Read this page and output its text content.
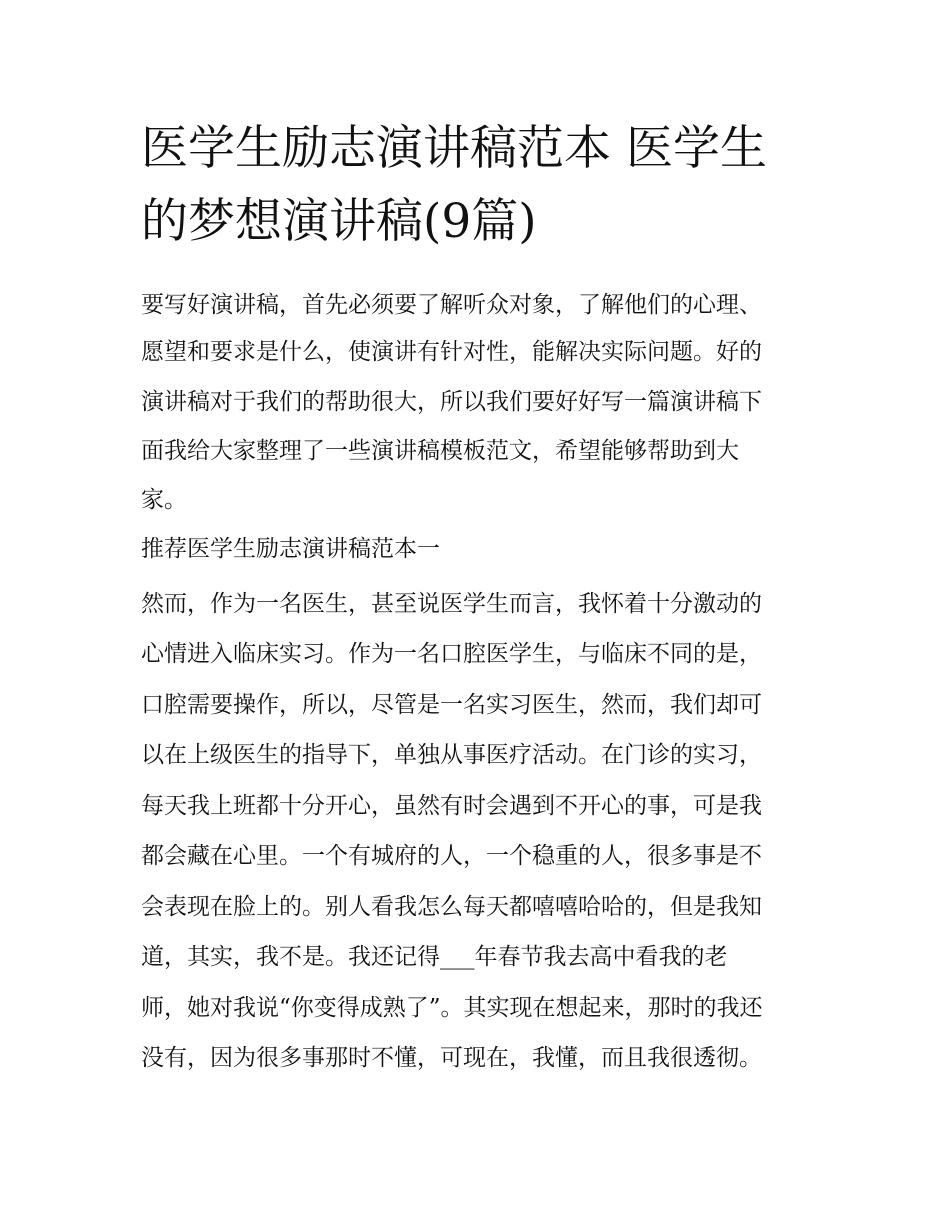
医学生励志演讲稿范本 医学生
的梦想演讲稿(9篇)
要写好演讲稿，首先必须要了解听众对象，了解他们的心理、
愿望和要求是什么，使演讲有针对性，能解决实际问题。好的
演讲稿对于我们的帮助很大，所以我们要好好写一篇演讲稿下
面我给大家整理了一些演讲稿模板范文，希望能够帮助到大
家。
推荐医学生励志演讲稿范本一
然而，作为一名医生，甚至说医学生而言，我怀着十分激动的
心情进入临床实习。作为一名口腔医学生，与临床不同的是，
口腔需要操作，所以，尽管是一名实习医生，然而，我们却可
以在上级医生的指导下，单独从事医疗活动。在门诊的实习，
每天我上班都十分开心，虽然有时会遇到不开心的事，可是我
都会藏在心里。一个有城府的人，一个稳重的人，很多事是不
会表现在脸上的。别人看我怎么每天都嘻嘻哈哈的，但是我知
道，其实，我不是。我还记得___年春节我去高中看我的老
师，她对我说“你变得成熟了”。其实现在想起来，那时的我还
没有，因为很多事那时不懂，可现在，我懂，而且我很透彻。
